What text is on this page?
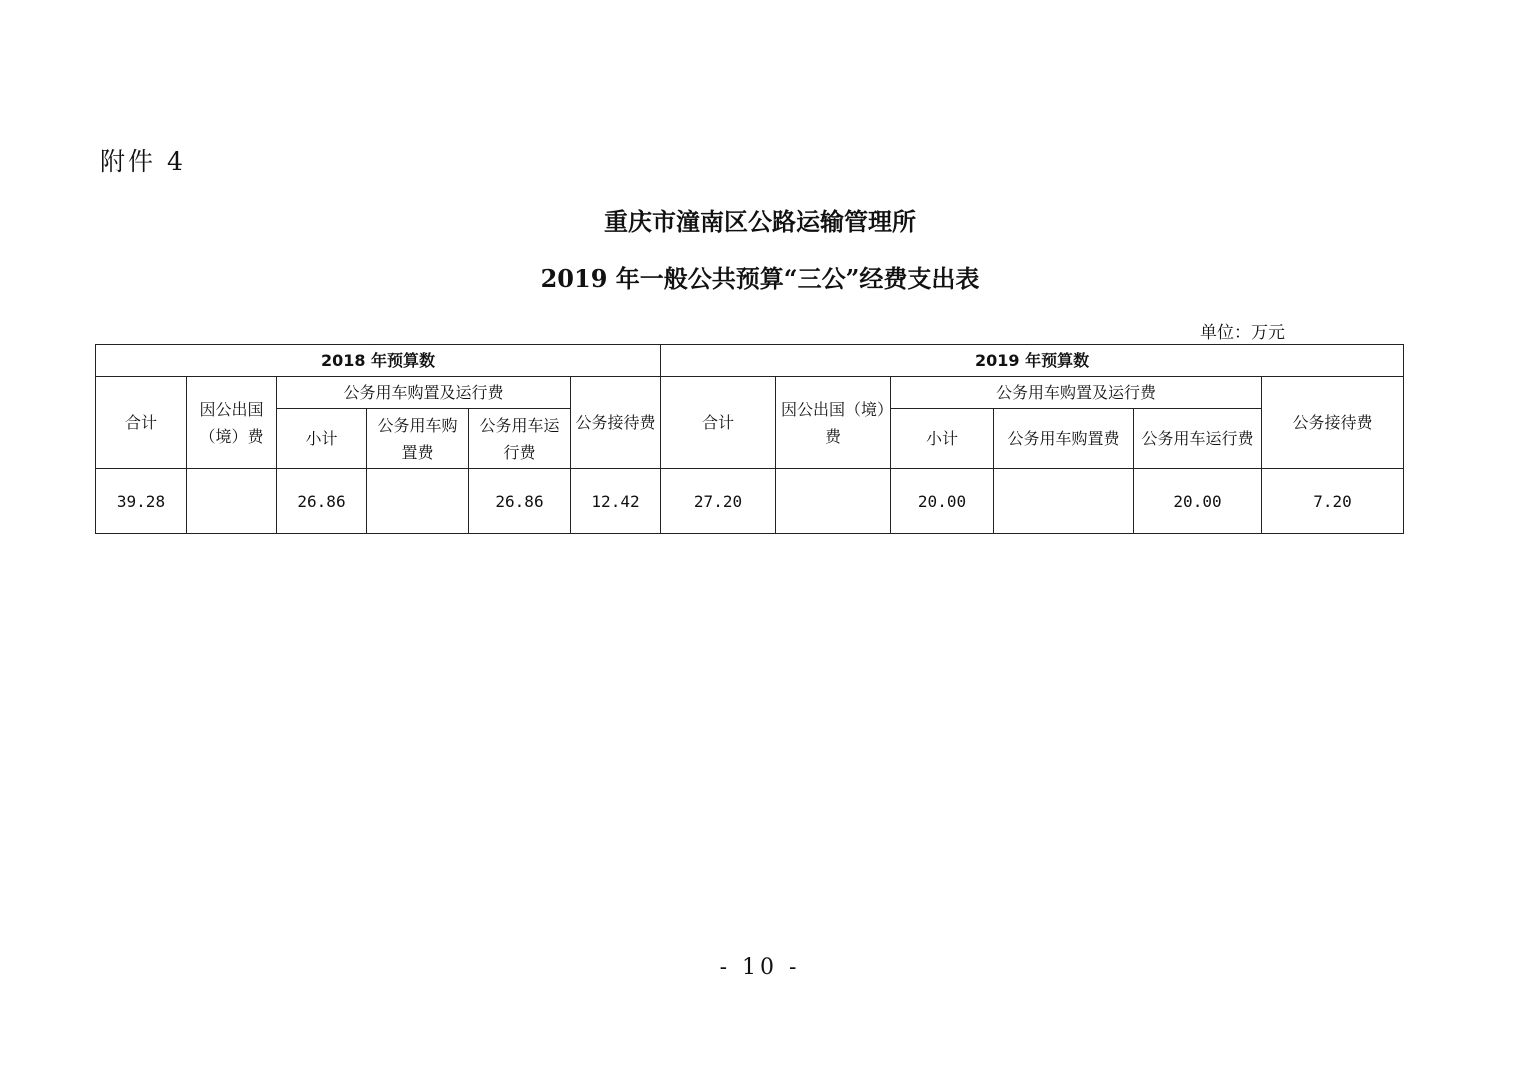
附件 4
重庆市潼南区公路运输管理所
2019 年一般公共预算“三公”经费支出表
单位：万元
2018 年预算数						2019 年预算数					
合计	因公出国（境）费	公务用车购置及运行费			公务接待费	合计	因公出国（境）费	公务用车购置及运行费			公务接待费
		小计	公务用车购置费	公务用车运行费				小计	公务用车购置费	公务用车运行费	
39.28		26.86		26.86	12.42	27.20		20.00		20.00	7.20
- 10 -
